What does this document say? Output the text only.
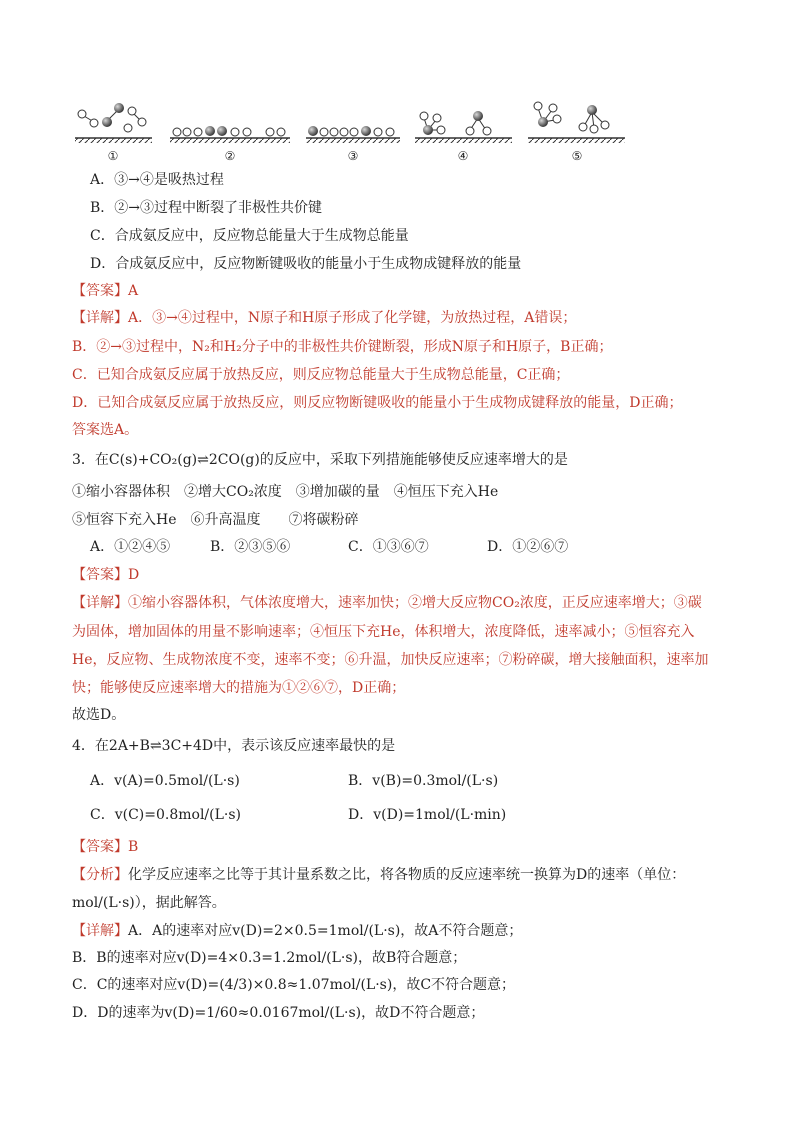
①	②	③	④	⑤
A．③→④是吸热过程
B．②→③过程中断裂了非极性共价键
C．合成氨反应中，反应物总能量大于生成物总能量
D．合成氨反应中，反应物断键吸收的能量小于生成物成键释放的能量
【答案】A
【详解】A．③→④过程中，N原子和H原子形成了化学键，为放热过程，A错误；
B．②→③过程中，N₂和H₂分子中的非极性共价键断裂，形成N原子和H原子，B正确；
C．已知合成氨反应属于放热反应，则反应物总能量大于生成物总能量，C正确；
D．已知合成氨反应属于放热反应，则反应物断键吸收的能量小于生成物成键释放的能量，D正确；
答案选A。
3．在C(s)+CO₂(g)⇌2CO(g)的反应中，采取下列措施能够使反应速率增大的是
①缩小容器体积　②增大CO₂浓度　③增加碳的量　④恒压下充入He
⑤恒容下充入He　⑥升高温度　　⑦将碳粉碎
A．①②④⑤	B．②③⑤⑥	C．①③⑥⑦	D．①②⑥⑦
【答案】D
【详解】①缩小容器体积，气体浓度增大，速率加快；②增大反应物CO₂浓度，正反应速率增大；③碳
为固体，增加固体的用量不影响速率；④恒压下充He，体积增大，浓度降低，速率减小；⑤恒容充入
He，反应物、生成物浓度不变，速率不变；⑥升温，加快反应速率；⑦粉碎碳，增大接触面积，速率加
快；能够使反应速率增大的措施为①②⑥⑦，D正确；
故选D。
4．在2A+B⇌3C+4D中，表示该反应速率最快的是
A．v(A)=0.5mol/(L·s)	B．v(B)=0.3mol/(L·s)
C．v(C)=0.8mol/(L·s)	D．v(D)=1mol/(L·min)
【答案】B
【分析】化学反应速率之比等于其计量系数之比，将各物质的反应速率统一换算为D的速率（单位：
mol/(L·s)），据此解答。
【详解】A．A的速率对应v(D)=2×0.5=1mol/(L·s)，故A不符合题意；
B．B的速率对应v(D)=4×0.3=1.2mol/(L·s)，故B符合题意；
C．C的速率对应v(D)=(4/3)×0.8≈1.07mol/(L·s)，故C不符合题意；
D．D的速率为v(D)=1/60≈0.0167mol/(L·s)，故D不符合题意；
